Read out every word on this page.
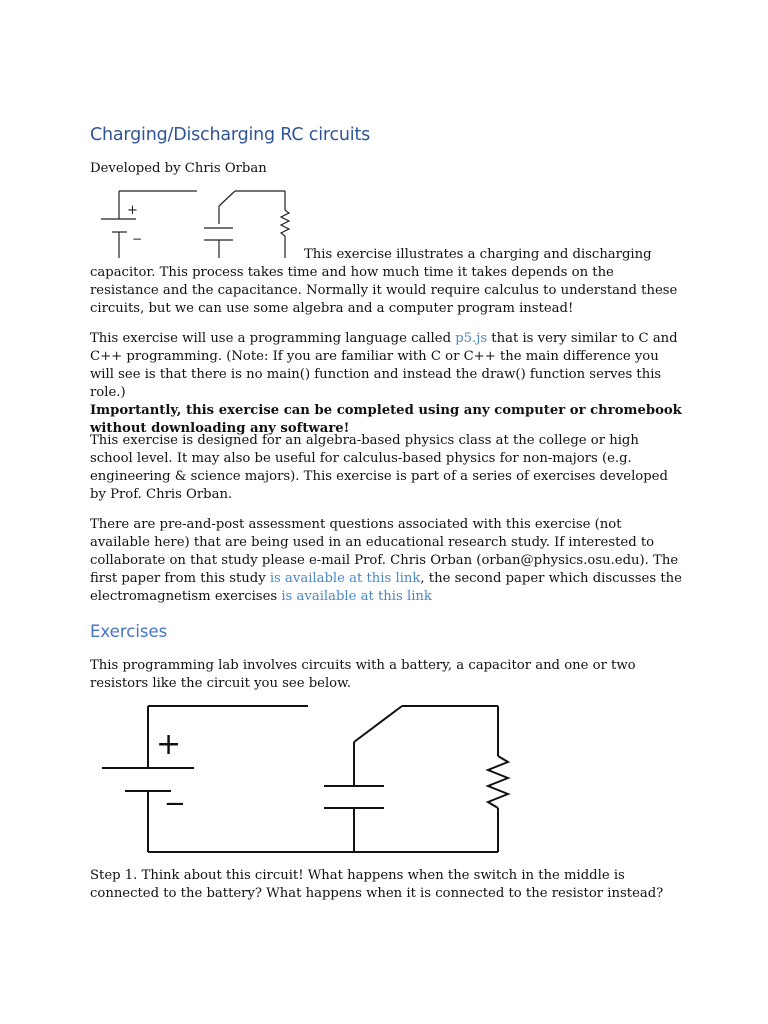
Charging/Discharging RC circuits

Developed by Chris Orban

+
−

This exercise illustrates a charging and discharging capacitor. This process takes time and how much time it takes depends on the resistance and the capacitance. Normally it would require calculus to understand these circuits, but we can use some algebra and a computer program instead!

This exercise will use a programming language called p5.js that is very similar to C and C++ programming. (Note: If you are familiar with C or C++ the main difference you will see is that there is no main() function and instead the draw() function serves this role.)
Importantly, this exercise can be completed using any computer or chromebook without downloading any software!

This exercise is designed for an algebra-based physics class at the college or high school level. It may also be useful for calculus-based physics for non-majors (e.g. engineering & science majors). This exercise is part of a series of exercises developed by Prof. Chris Orban.

There are pre-and-post assessment questions associated with this exercise (not available here) that are being used in an educational research study. If interested to collaborate on that study please e-mail Prof. Chris Orban (orban@physics.osu.edu). The first paper from this study is available at this link, the second paper which discusses the electromagnetism exercises is available at this link

Exercises

This programming lab involves circuits with a battery, a capacitor and one or two resistors like the circuit you see below.

+
−

Step 1. Think about this circuit! What happens when the switch in the middle is connected to the battery? What happens when it is connected to the resistor instead?
